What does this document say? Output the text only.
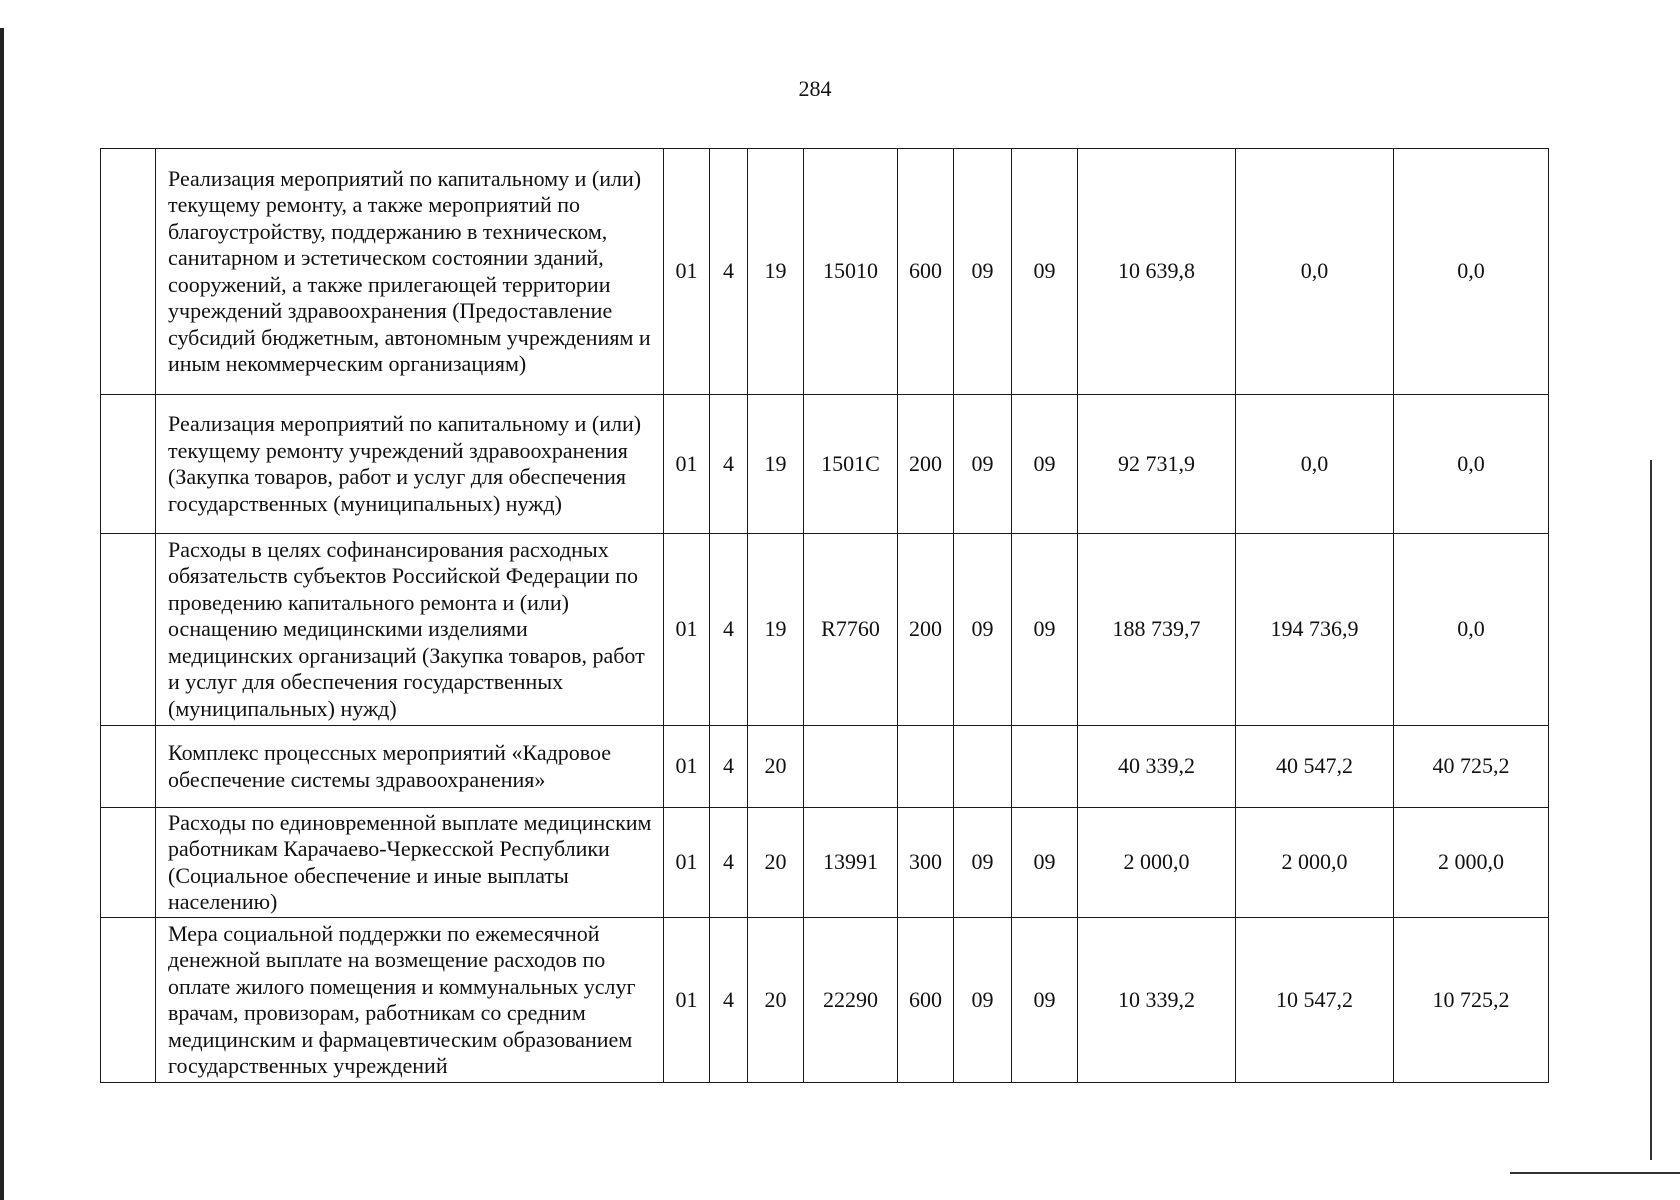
284
	Реализация мероприятий по капитальному и (или) текущему ремонту, а также мероприятий по благоустройству, поддержанию в техническом, санитарном и эстетическом состоянии зданий, сооружений, а также прилегающей территории учреждений здравоохранения (Предоставление субсидий бюджетным, автономным учреждениям и иным некоммерческим организациям)	01	4	19	15010	600	09	09	10 639,8	0,0	0,0
	Реализация мероприятий по капитальному и (или) текущему ремонту учреждений здравоохранения (Закупка товаров, работ и услуг для обеспечения государственных (муниципальных) нужд)	01	4	19	1501С	200	09	09	92 731,9	0,0	0,0
	Расходы в целях софинансирования расходных обязательств субъектов Российской Федерации по проведению капитального ремонта и (или) оснащению медицинскими изделиями медицинских организаций (Закупка товаров, работ и услуг для обеспечения государственных (муниципальных) нужд)	01	4	19	R7760	200	09	09	188 739,7	194 736,9	0,0
	Комплекс процессных мероприятий «Кадровое обеспечение системы здравоохранения»	01	4	20					40 339,2	40 547,2	40 725,2
	Расходы по единовременной выплате медицинским работникам Карачаево-Черкесской Республики (Социальное обеспечение и иные выплаты населению)	01	4	20	13991	300	09	09	2 000,0	2 000,0	2 000,0
	Мера социальной поддержки по ежемесячной денежной выплате на возмещение расходов по оплате жилого помещения и коммунальных услуг врачам, провизорам, работникам со средним медицинским и фармацевтическим образованием государственных учреждений	01	4	20	22290	600	09	09	10 339,2	10 547,2	10 725,2
